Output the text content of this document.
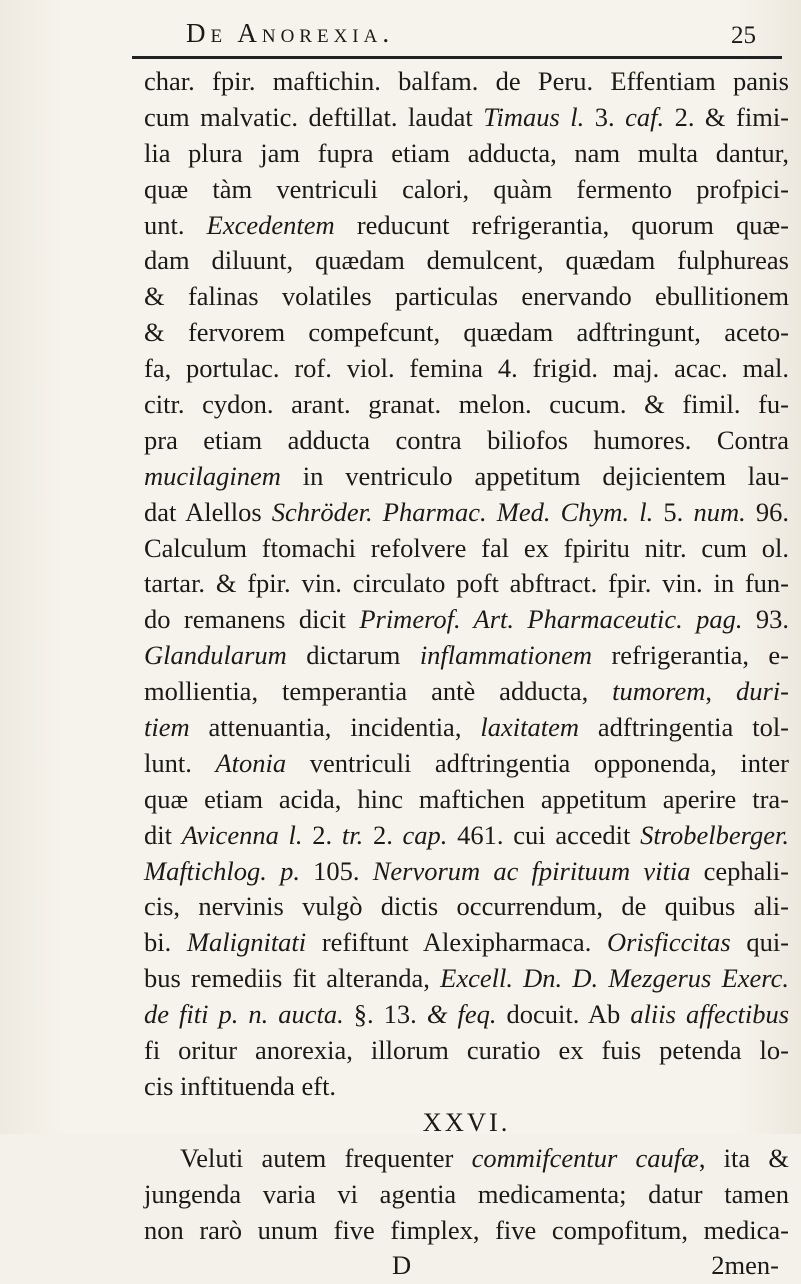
De Anorexia.	25
char. fpir. maftichin. balfam. de Peru. Effentiam panis
cum malvatic. deftillat. laudat Timaus l. 3. caf. 2. & fimi-
lia plura jam fupra etiam adducta, nam multa dantur,
quæ tàm ventriculi calori, quàm fermento profpici-
unt. Excedentem reducunt refrigerantia, quorum quæ-
dam diluunt, quædam demulcent, quædam fulphureas
& falinas volatiles particulas enervando ebullitionem
& fervorem compefcunt, quædam adftringunt, aceto-
fa, portulac. rof. viol. femina 4. frigid. maj. acac. mal.
citr. cydon. arant. granat. melon. cucum. & fimil. fu-
pra etiam adducta contra biliofos humores. Contra
mucilaginem in ventriculo appetitum dejicientem lau-
dat Alellos Schröder. Pharmac. Med. Chym. l. 5. num. 96.
Calculum ftomachi refolvere fal ex fpiritu nitr. cum ol.
tartar. & fpir. vin. circulato poft abftract. fpir. vin. in fun-
do remanens dicit Primerof. Art. Pharmaceutic. pag. 93.
Glandularum dictarum inflammationem refrigerantia, e-
mollientia, temperantia antè adducta, tumorem, duri-
tiem attenuantia, incidentia, laxitatem adftringentia tol-
lunt. Atonia ventriculi adftringentia opponenda, inter
quæ etiam acida, hinc maftichen appetitum aperire tra-
dit Avicenna l. 2. tr. 2. cap. 461. cui accedit Strobelberger.
Maftichlog. p. 105. Nervorum ac fpirituum vitia cephali-
cis, nervinis vulgò dictis occurrendum, de quibus ali-
bi. Malignitati refiftunt Alexipharmaca. Orisficcitas qui-
bus remediis fit alteranda, Excell. Dn. D. Mezgerus Exerc.
de fiti p. n. aucta. §. 13. & feq. docuit. Ab aliis affectibus
fi oritur anorexia, illorum curatio ex fuis petenda lo-
cis inftituenda eft.
XXVI.
Veluti autem frequenter commifcentur caufæ, ita &
jungenda varia vi agentia medicamenta; datur tamen
non rarò unum five fimplex, five compofitum, medica-
D 2men-
